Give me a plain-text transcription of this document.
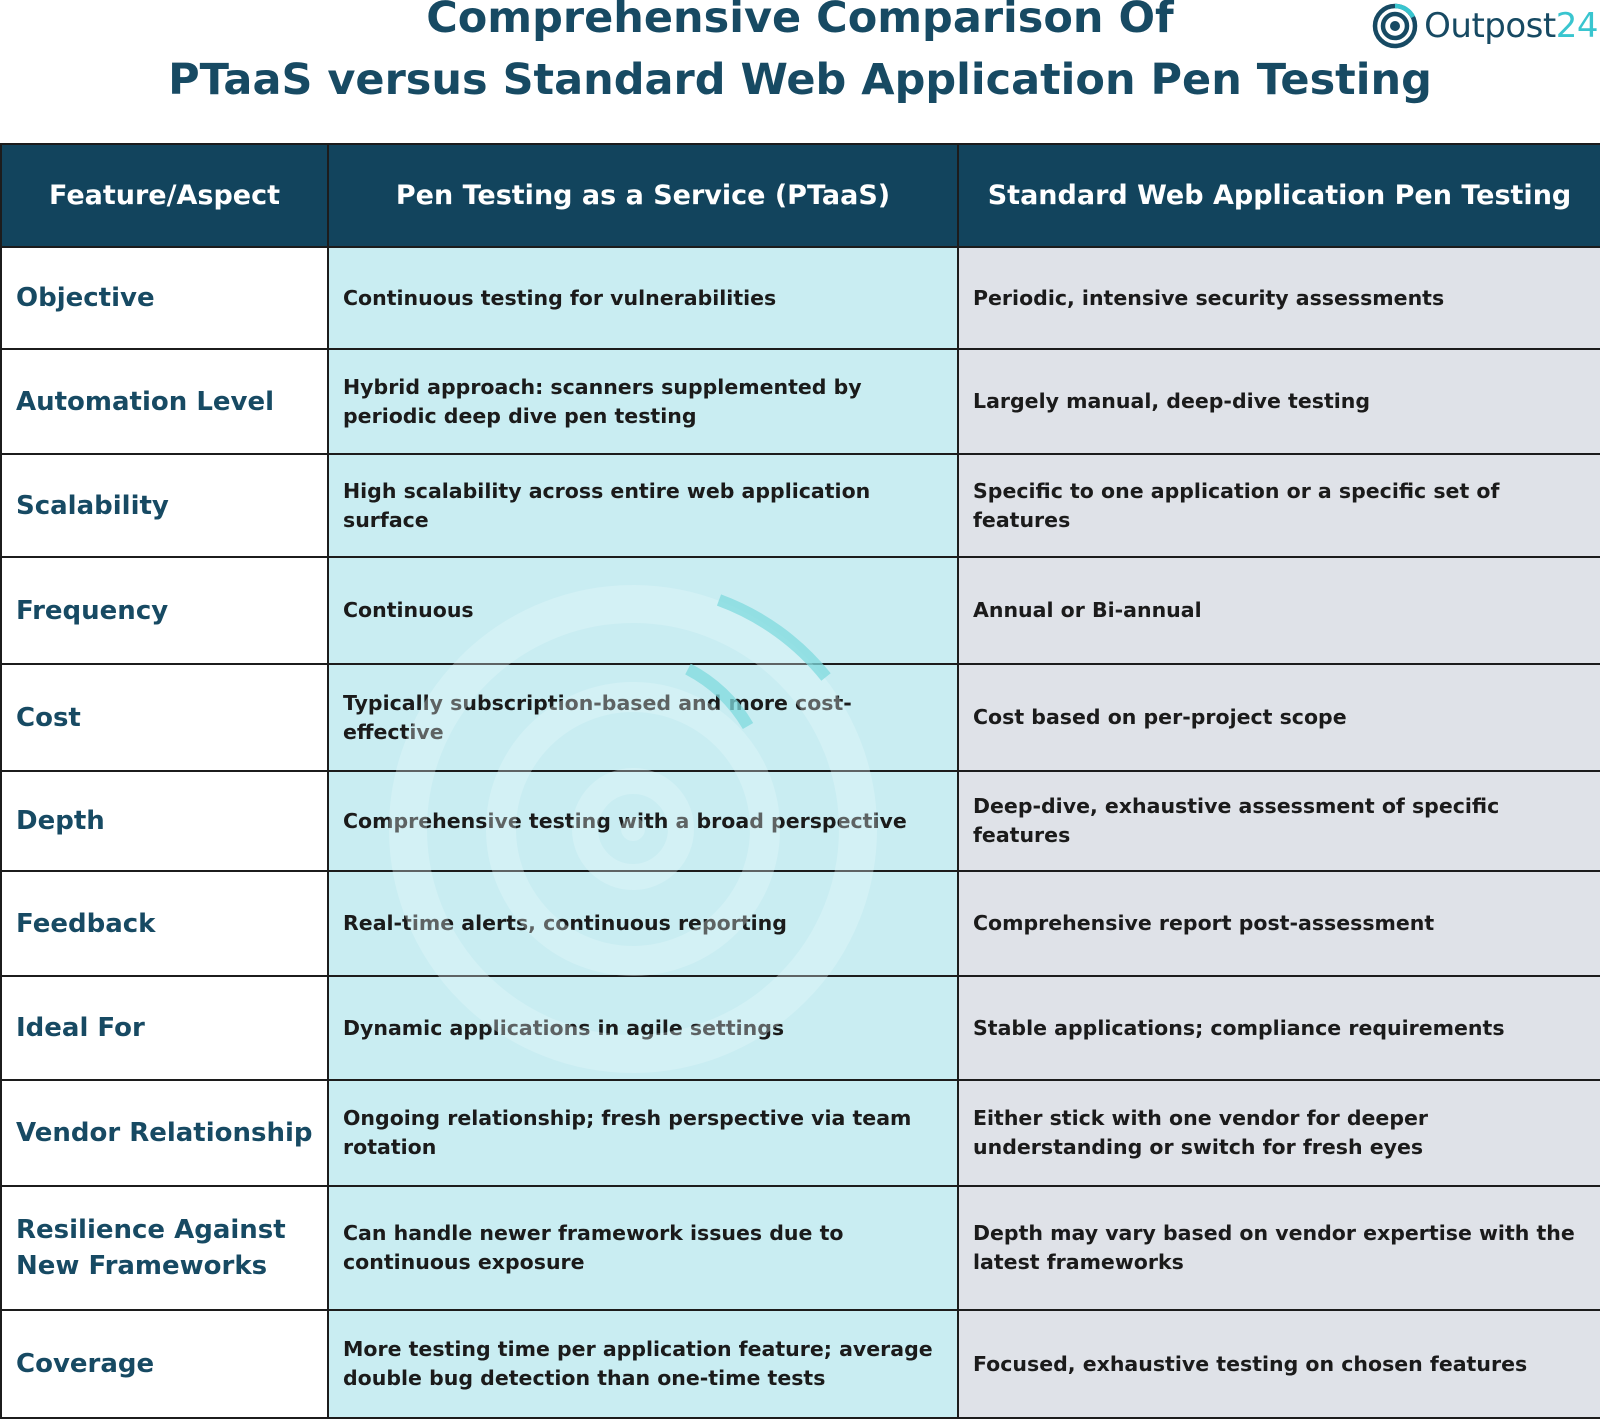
Comprehensive Comparison Of
PTaaS versus Standard Web Application Pen Testing
Outpost24
Feature/Aspect	Pen Testing as a Service (PTaaS)	Standard Web Application Pen Testing
Objective	Continuous testing for vulnerabilities	Periodic, intensive security assessments
Automation Level	Hybrid approach: scanners supplemented by periodic deep dive pen testing	Largely manual, deep-dive testing
Scalability	High scalability across entire web application surface	Specific to one application or a specific set of features
Frequency	Continuous	Annual or Bi-annual
Cost	Typically subscription-based and more cost-effective	Cost based on per-project scope
Depth	Comprehensive testing with a broad perspective	Deep-dive, exhaustive assessment of specific features
Feedback	Real-time alerts, continuous reporting	Comprehensive report post-assessment
Ideal For	Dynamic applications in agile settings	Stable applications; compliance requirements
Vendor Relationship	Ongoing relationship; fresh perspective via team rotation	Either stick with one vendor for deeper understanding or switch for fresh eyes
Resilience Against New Frameworks	Can handle newer framework issues due to continuous exposure	Depth may vary based on vendor expertise with the latest frameworks
Coverage	More testing time per application feature; average double bug detection than one-time tests	Focused, exhaustive testing on chosen features
